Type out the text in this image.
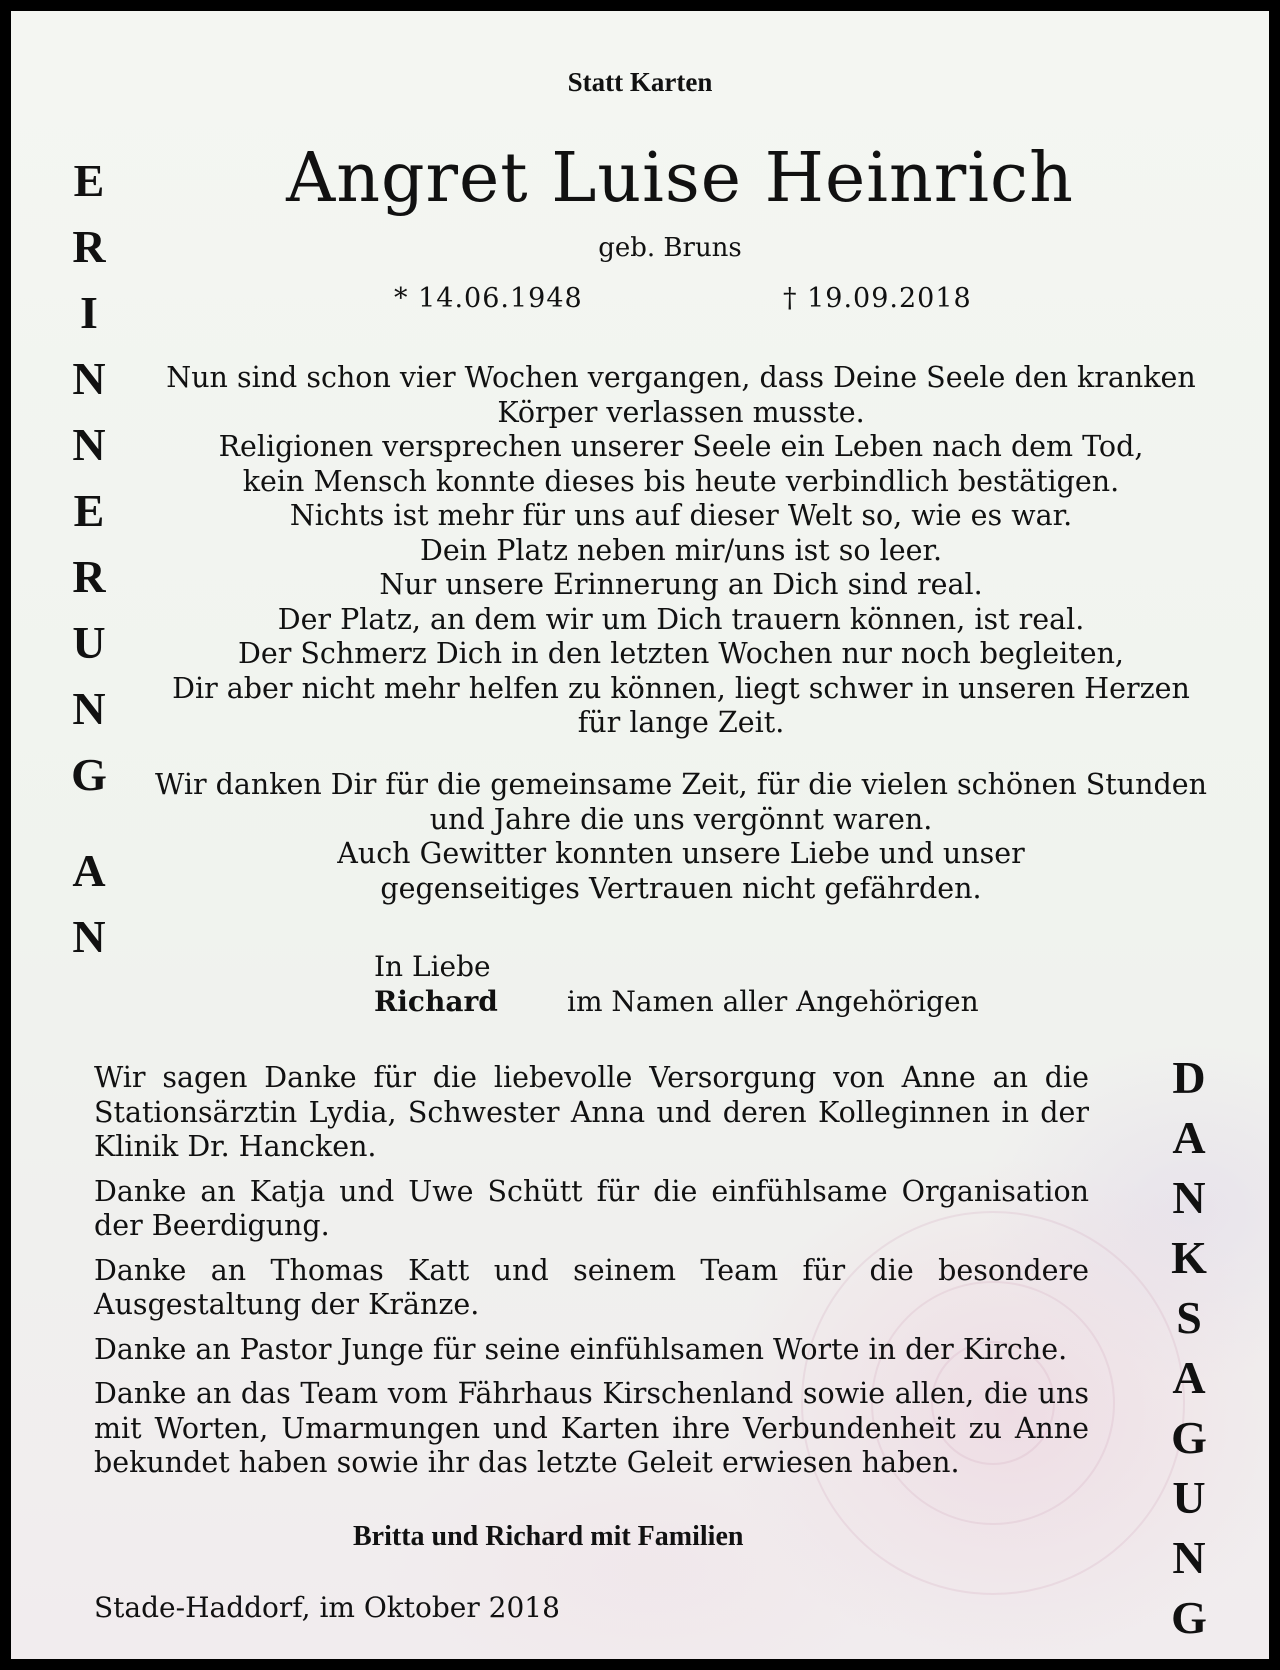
Statt Karten
Angret Luise Heinrich
geb. Bruns
* 14.06.1948	† 19.09.2018
E
R
I
N
N
E
R
U
N
G
A
N
Nun sind schon vier Wochen vergangen, dass Deine Seele den kranken
Körper verlassen musste.
Religionen versprechen unserer Seele ein Leben nach dem Tod,
kein Mensch konnte dieses bis heute verbindlich bestätigen.
Nichts ist mehr für uns auf dieser Welt so, wie es war.
Dein Platz neben mir/uns ist so leer.
Nur unsere Erinnerung an Dich sind real.
Der Platz, an dem wir um Dich trauern können, ist real.
Der Schmerz Dich in den letzten Wochen nur noch begleiten,
Dir aber nicht mehr helfen zu können, liegt schwer in unseren Herzen
für lange Zeit.
Wir danken Dir für die gemeinsame Zeit, für die vielen schönen Stunden
und Jahre die uns vergönnt waren.
Auch Gewitter konnten unsere Liebe und unser
gegenseitiges Vertrauen nicht gefährden.
In Liebe
Richard im Namen aller Angehörigen

Wir sagen Danke für die liebevolle Versorgung von Anne an die Stationsärztin Lydia, Schwester Anna und deren Kolleginnen in der Klinik Dr. Hancken.

Danke an Katja und Uwe Schütt für die einfühlsame Organisation der Beerdigung.

Danke an Thomas Katt und seinem Team für die besondere Ausgestaltung der Kränze.

Danke an Pastor Junge für seine einfühlsamen Worte in der Kirche.

Danke an das Team vom Fährhaus Kirschenland sowie allen, die uns mit Worten, Umarmungen und Karten ihre Verbundenheit zu Anne bekundet haben sowie ihr das letzte Geleit erwiesen haben.

Britta und Richard mit Familien
Stade-Haddorf, im Oktober 2018
D
A
N
K
S
A
G
U
N
G
